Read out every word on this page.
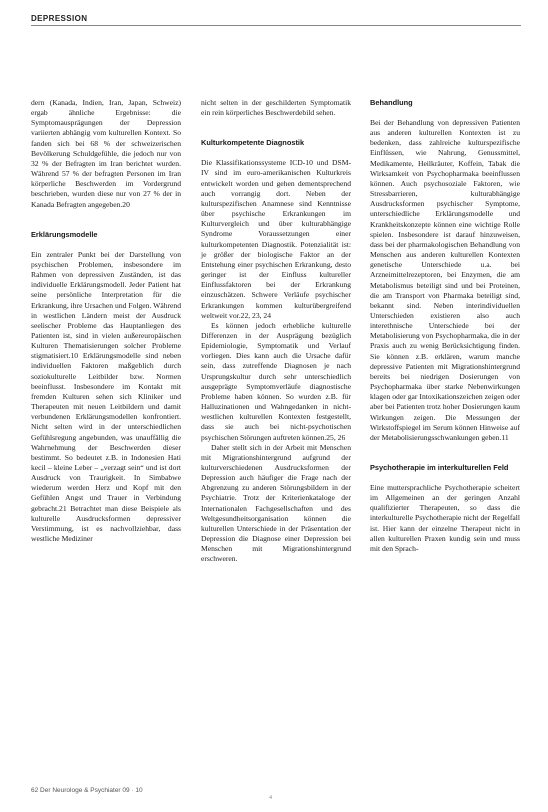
DEPRESSION

dern (Kanada, Indien, Iran, Japan, Schweiz) ergab ähnliche Ergebnisse: die Symptomausprägungen der Depression variierten abhängig vom kulturellen Kontext. So fanden sich bei 68 % der schweizerischen Bevölkerung Schuldgefühle, die jedoch nur von 32 % der Befragten im Iran berichtet wurden. Während 57 % der befragten Personen im Iran körperliche Beschwerden im Vordergrund beschrieben, wurden diese nur von 27 % der in Kanada Befragten angegeben.20

Erklärungsmodelle

Ein zentraler Punkt bei der Darstellung von psychischen Problemen, insbesondere im Rahmen von depressiven Zuständen, ist das individuelle Erklärungsmodell. Jeder Patient hat seine persönliche Interpretation für die Erkrankung, ihre Ursachen und Folgen. Während in westlichen Ländern meist der Ausdruck seelischer Probleme das Hauptanliegen des Patienten ist, sind in vielen außereuropäischen Kulturen Thematisierungen solcher Probleme stigmatisiert.10 Erklärungsmodelle sind neben individuellen Faktoren maßgeblich durch soziokulturelle Leitbilder bzw. Normen beeinflusst. Insbesondere im Kontakt mit fremden Kulturen sehen sich Kliniker und Therapeuten mit neuen Leitbildern und damit verbundenen Erklärungsmodellen konfrontiert. Nicht selten wird in der unterschiedlichen Gefühlsregung angebunden, was unauffällig die Wahrnehmung der Beschwerden dieser bestimmt. So bedeutet z.B. in Indonesien Hati kecil – kleine Leber – „verzagt sein“ und ist dort Ausdruck von Traurigkeit. In Simbabwe wiederum werden Herz und Kopf mit den Gefühlen Angst und Trauer in Verbindung gebracht.21 Betrachtet man diese Beispiele als kulturelle Ausdrucksformen depressiver Verstimmung, ist es nachvollziehbar, dass westliche Mediziner

nicht selten in der geschilderten Symptomatik ein rein körperliches Beschwerdebild sehen.

Kulturkompetente Diagnostik

Die Klassifikationssysteme ICD-10 und DSM-IV sind im euro-amerikanischen Kulturkreis entwickelt worden und gehen dementsprechend auch vorrangig dort. Neben der kulturspezifischen Anamnese sind Kenntnisse über psychische Erkrankungen im Kulturvergleich und über kulturabhängige Syndrome Voraussetzungen einer kulturkompetenten Diagnostik. Potenzialität ist: je größer der biologische Faktor an der Entstehung einer psychischen Erkrankung, desto geringer ist der Einfluss kultureller Einflussfaktoren bei der Erkrankung einzuschätzen. Schwere Verläufe psychischer Erkrankungen kommen kulturübergreifend weltweit vor.22, 23, 24

Es können jedoch erhebliche kulturelle Differenzen in der Ausprägung bezüglich Epidemiologie, Symptomatik und Verlauf vorliegen. Dies kann auch die Ursache dafür sein, dass zutreffende Diagnosen je nach Ursprungskultur durch sehr unterschiedlich ausgeprägte Symptomverläufe diagnostische Probleme haben können. So wurden z.B. für Halluzinationen und Wahngedanken in nicht-westlichen kulturellen Kontexten festgestellt, dass sie auch bei nicht-psychotischen psychischen Störungen auftreten können.25, 26

Daher stellt sich in der Arbeit mit Menschen mit Migrationshintergrund aufgrund der kulturverschiedenen Ausdrucksformen der Depression auch häufiger die Frage nach der Abgrenzung zu anderen Störungsbildern in der Psychiatrie. Trotz der Kriterienkataloge der Internationalen Fachgesellschaften und des Weltgesundheitsorganisation können die kulturellen Unterschiede in der Präsentation der Depression die Diagnose einer Depression bei Menschen mit Migrationshintergrund erschweren.

Behandlung

Bei der Behandlung von depressiven Patienten aus anderen kulturellen Kontexten ist zu bedenken, dass zahlreiche kulturspezifische Einflüssen, wie Nahrung, Genussmittel, Medikamente, Heilkräuter, Koffein, Tabak die Wirksamkeit von Psychopharmaka beeinflussen können. Auch psychosoziale Faktoren, wie Stressbarrieren, kulturabhängige Ausdrucksformen psychischer Symptome, unterschiedliche Erklärungsmodelle und Krankheitskonzepte können eine wichtige Rolle spielen. Insbesondere ist darauf hinzuweisen, dass bei der pharmakologischen Behandlung von Menschen aus anderen kulturellen Kontexten genetische Unterschiede u.a. bei Arzneimittelrezeptoren, bei Enzymen, die am Metabolismus beteiligt sind und bei Proteinen, die am Transport von Pharmaka beteiligt sind, bekannt sind. Neben interindividuellen Unterschieden existieren also auch interethnische Unterschiede bei der Metabolisierung von Psychopharmaka, die in der Praxis auch zu wenig Berücksichtigung finden. Sie können z.B. erklären, warum manche depressive Patienten mit Migrationshintergrund bereits bei niedrigen Dosierungen von Psychopharmaka über starke Nebenwirkungen klagen oder gar Intoxikationszeichen zeigen oder aber bei Patienten trotz hoher Dosierungen kaum Wirkungen zeigen. Die Messungen der Wirkstoffspiegel im Serum können Hinweise auf der Metabolisierungsschwankungen geben.11

Psychotherapie im interkulturellen Feld

Eine muttersprachliche Psychotherapie scheitert im Allgemeinen an der geringen Anzahl qualifizierter Therapeuten, so dass die interkulturelle Psychotherapie nicht der Regelfall ist. Hier kann der einzelne Therapeut nicht in allen kulturellen Praxen kundig sein und muss mit den Sprach-

62 Der Neurologe & Psychiater 09 · 10
4
